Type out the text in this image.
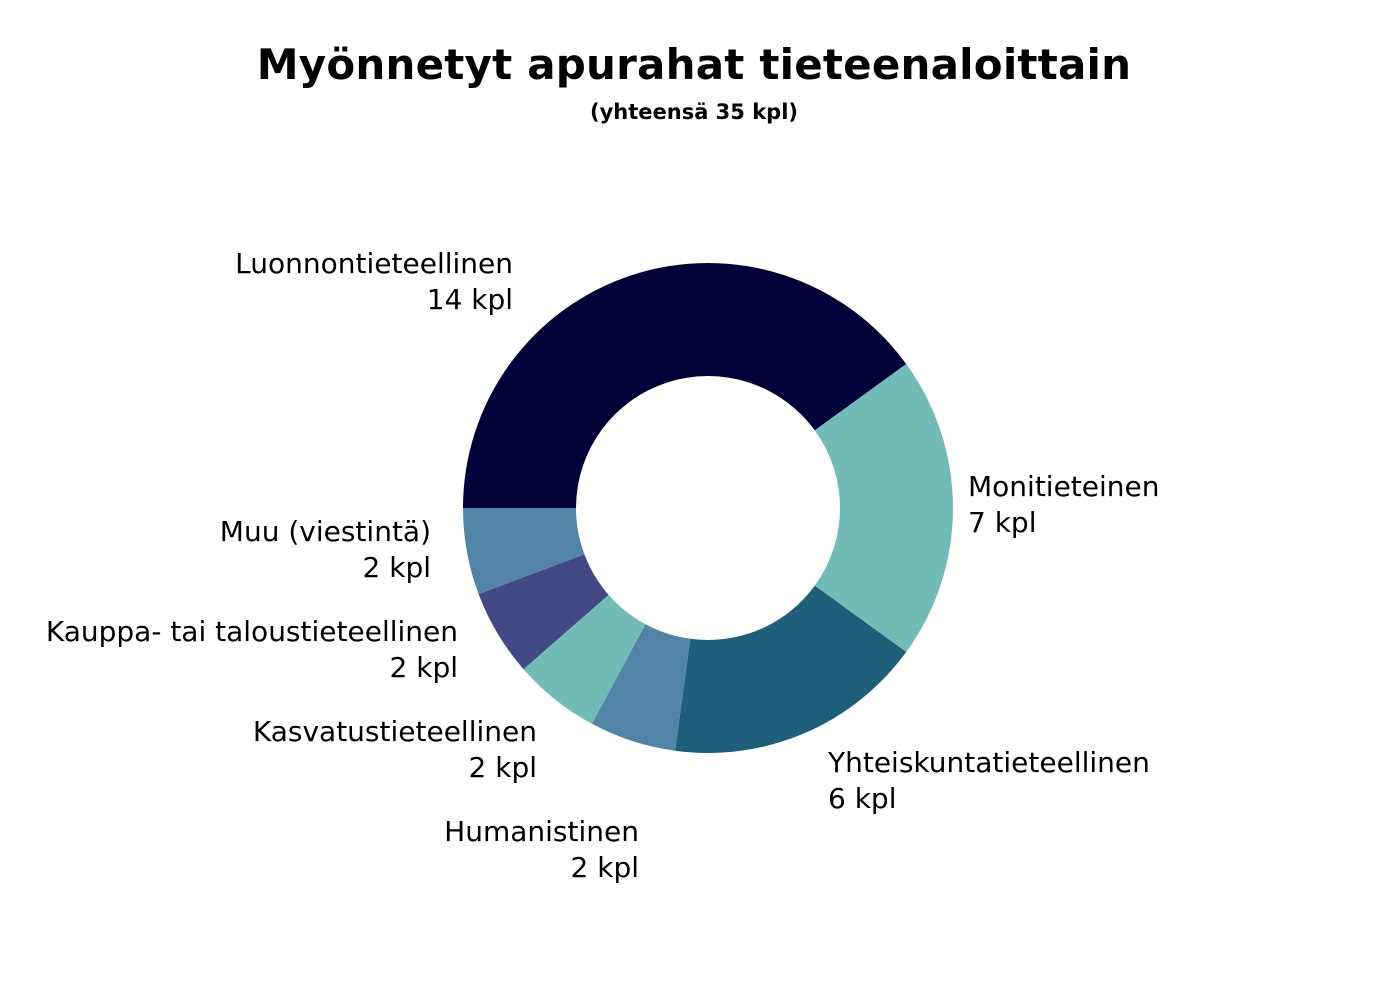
Myönnetyt apurahat tieteenaloittain
(yhteensä 35 kpl)
Luonnontieteellinen
14 kpl
Monitieteinen
7 kpl
Yhteiskuntatieteellinen
6 kpl
Humanistinen
2 kpl
Kasvatustieteellinen
2 kpl
Kauppa- tai taloustieteellinen
2 kpl
Muu (viestintä)
2 kpl
